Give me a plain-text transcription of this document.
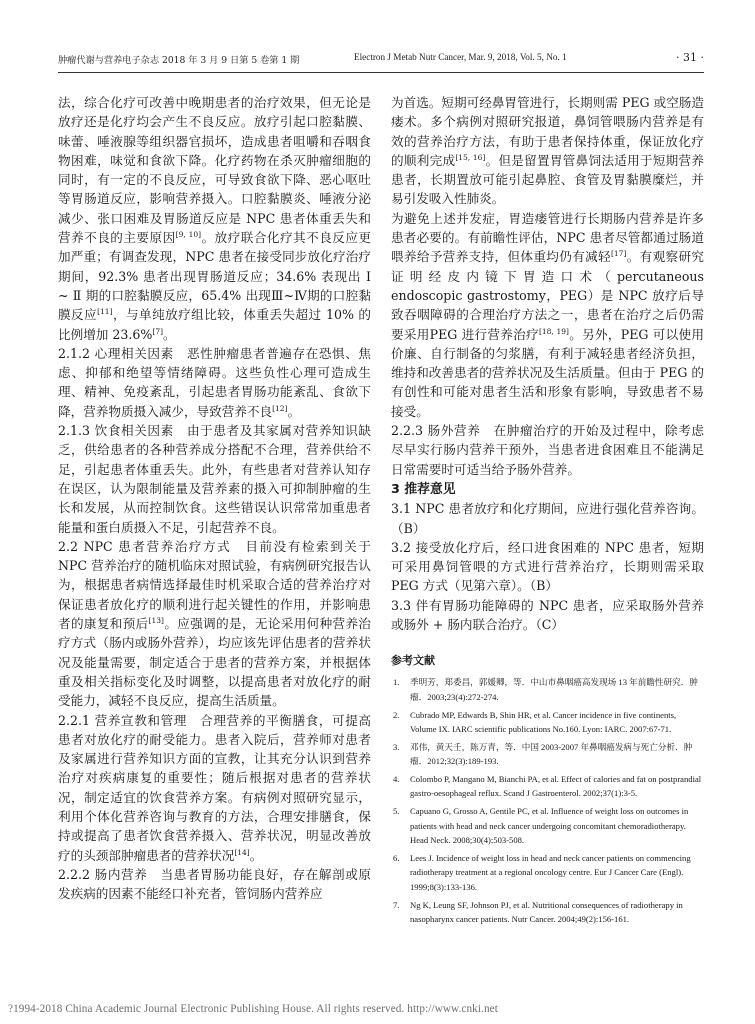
肿瘤代谢与营养电子杂志 2018 年 3 月 9 日第 5 卷第 1 期	Electron J Metab Nutr Cancer, Mar. 9, 2018, Vol. 5, No. 1	· 31 ·

法，综合化疗可改善中晚期患者的治疗效果，但无论是放疗还是化疗均会产生不良反应。放疗引起口腔黏膜、味蕾、唾液腺等组织器官损坏，造成患者咀嚼和吞咽食物困难，味觉和食欲下降。化疗药物在杀灭肿瘤细胞的同时，有一定的不良反应，可导致食欲下降、恶心呕吐等胃肠道反应，影响营养摄入。口腔黏膜炎、唾液分泌减少、张口困难及胃肠道反应是 NPC 患者体重丢失和营养不良的主要原因[9, 10]。放疗联合化疗其不良反应更加严重；有调查发现，NPC 患者在接受同步放化疗治疗期间，92.3% 患者出现胃肠道反应；34.6% 表现出 Ⅰ ~ Ⅱ 期的口腔黏膜反应，65.4% 出现Ⅲ~Ⅳ期的口腔黏膜反应[11]，与单纯放疗组比较，体重丢失超过 10% 的比例增加 23.6%[7]。

2.1.2 心理相关因素　恶性肿瘤患者普遍存在恐惧、焦虑、抑郁和绝望等情绪障碍。这些负性心理可造成生理、精神、免疫紊乱，引起患者胃肠功能紊乱、食欲下降，营养物质摄入减少，导致营养不良[12]。

2.1.3 饮食相关因素　由于患者及其家属对营养知识缺乏，供给患者的各种营养成分搭配不合理，营养供给不足，引起患者体重丢失。此外，有些患者对营养认知存在误区，认为限制能量及营养素的摄入可抑制肿瘤的生长和发展，从而控制饮食。这些错误认识常常加重患者能量和蛋白质摄入不足，引起营养不良。

2.2 NPC 患者营养治疗方式　目前没有检索到关于 NPC 营养治疗的随机临床对照试验，有病例研究报告认为，根据患者病情选择最佳时机采取合适的营养治疗对保证患者放化疗的顺利进行起关键性的作用，并影响患者的康复和预后[13]。应强调的是，无论采用何种营养治疗方式（肠内或肠外营养），均应该先评估患者的营养状况及能量需要，制定适合于患者的营养方案，并根据体重及相关指标变化及时调整，以提高患者对放化疗的耐受能力，减轻不良反应，提高生活质量。

2.2.1 营养宣教和管理　合理营养的平衡膳食，可提高患者对放化疗的耐受能力。患者入院后，营养师对患者及家属进行营养知识方面的宣教，让其充分认识到营养治疗对疾病康复的重要性；随后根据对患者的营养状况，制定适宜的饮食营养方案。有病例对照研究显示，利用个体化营养咨询与教育的方法，合理安排膳食，保持或提高了患者饮食营养摄入、营养状况，明显改善放疗的头颈部肿瘤患者的营养状况[14]。

2.2.2 肠内营养　当患者胃肠功能良好，存在解剖或原发疾病的因素不能经口补充者，管饲肠内营养应

为首选。短期可经鼻胃管进行，长期则需 PEG 或空肠造瘘术。多个病例对照研究报道，鼻饲管喂肠内营养是有效的营养治疗方法，有助于患者保持体重，保证放化疗的顺利完成[15, 16]。但是留置胃管鼻饲法适用于短期营养患者，长期置放可能引起鼻腔、食管及胃黏膜糜烂，并易引发吸入性肺炎。

为避免上述并发症，胃造瘘管进行长期肠内营养是许多患者必要的。有前瞻性评估，NPC 患者尽管都通过肠道喂养给予营养支持，但体重均仍有减轻[17]。有观察研究证明经皮内镜下胃造口术（percutaneous endoscopic gastrostomy，PEG）是 NPC 放疗后导致吞咽障碍的合理治疗方法之一，患者在治疗之后仍需要采用PEG 进行营养治疗[18, 19]。另外，PEG 可以使用价廉、自行制备的匀浆膳，有利于减轻患者经济负担，维持和改善患者的营养状况及生活质量。但由于 PEG 的有创性和可能对患者生活和形象有影响，导致患者不易接受。

2.2.3 肠外营养　在肿瘤治疗的开始及过程中，除考虑尽早实行肠内营养干预外，当患者进食困难且不能满足日常需要时可适当给予肠外营养。

3 推荐意见

3.1 NPC 患者放疗和化疗期间，应进行强化营养咨询。（B）

3.2 接受放化疗后，经口进食困难的 NPC 患者，短期可采用鼻饲管喂的方式进行营养治疗，长期则需采取 PEG 方式（见第六章）。（B）

3.3 伴有胃肠功能障碍的 NPC 患者，应采取肠外营养或肠外 + 肠内联合治疗。（C）

参考文献
1. 季明芳，郑委昌，郭媛卿，等．中山市鼻咽癌高发现场 13 年前瞻性研究．肿瘤．2003;23(4):272-274.
2. Cubrado MP, Edwards B, Shin HR, et al. Cancer incidence in five continents, Volume IX. IARC scientific publications No.160. Lyon: IARC. 2007:67-71.
3. 邓伟，黄天壬，陈万青，等．中国 2003-2007 年鼻咽癌发病与死亡分析．肿瘤．2012;32(3):189-193.
4. Colombo P, Mangano M, Bianchi PA, et al. Effect of calories and fat on postprandial gastro-oesophageal reflux. Scand J Gastroenterol. 2002;37(1):3-5.
5. Capuano G, Grosso A, Gentile PC, et al. Influence of weight loss on outcomes in patients with head and neck cancer undergoing concomitant chemoradiotherapy. Head Neck. 2008;30(4):503-508.
6. Lees J. Incidence of weight loss in head and neck cancer patients on commencing radiotherapy treatment at a regional oncology centre. Eur J Cancer Care (Engl). 1999;8(3):133-136.
7. Ng K, Leung SF, Johnson PJ, et al. Nutritional consequences of radiotherapy in nasopharynx cancer patients. Nutr Cancer. 2004;49(2):156-161.
?1994-2018 China Academic Journal Electronic Publishing House. All rights reserved. http://www.cnki.net
